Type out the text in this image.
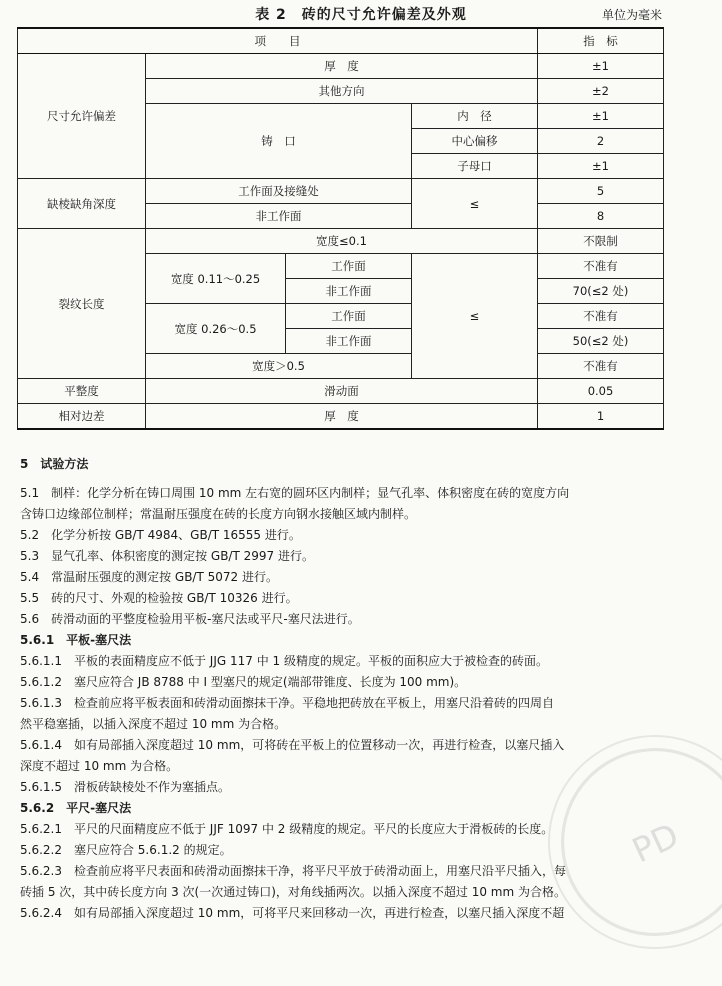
表 2　砖的尺寸允许偏差及外观	单位为毫米
项　　目				指　标
尺寸允许偏差	厚　度			±1
	其他方向			±2
	铸　口		内　径	±1
			中心偏移	2
			子母口	±1
缺棱缺角深度	工作面及接缝处		≤	5
	非工作面			8
裂纹长度	宽度≤0.1			不限制
	宽度 0.11～0.25	工作面	≤	不准有
		非工作面		70(≤2 处)
	宽度 0.26～0.5	工作面		不准有
		非工作面		50(≤2 处)
	宽度＞0.5			不准有
平整度	滑动面			0.05
相对边差	厚　度			1

5　试验方法

5.1　制样：化学分析在铸口周围 10 mm 左右宽的圆环区内制样；显气孔率、体积密度在砖的宽度方向

含铸口边缘部位制样；常温耐压强度在砖的长度方向钢水接触区域内制样。

5.2　化学分析按 GB/T 4984、GB/T 16555 进行。

5.3　显气孔率、体积密度的测定按 GB/T 2997 进行。

5.4　常温耐压强度的测定按 GB/T 5072 进行。

5.5　砖的尺寸、外观的检验按 GB/T 10326 进行。

5.6　砖滑动面的平整度检验用平板-塞尺法或平尺-塞尺法进行。

5.6.1　平板-塞尺法

5.6.1.1　平板的表面精度应不低于 JJG 117 中 1 级精度的规定。平板的面积应大于被检查的砖面。

5.6.1.2　塞尺应符合 JB 8788 中 Ⅰ 型塞尺的规定(端部带锥度、长度为 100 mm)。

5.6.1.3　检查前应将平板表面和砖滑动面擦抹干净。平稳地把砖放在平板上，用塞尺沿着砖的四周自

然平稳塞插，以插入深度不超过 10 mm 为合格。

5.6.1.4　如有局部插入深度超过 10 mm，可将砖在平板上的位置移动一次，再进行检查，以塞尺插入

深度不超过 10 mm 为合格。

5.6.1.5　滑板砖缺棱处不作为塞插点。

5.6.2　平尺-塞尺法

5.6.2.1　平尺的尺面精度应不低于 JJF 1097 中 2 级精度的规定。平尺的长度应大于滑板砖的长度。

5.6.2.2　塞尺应符合 5.6.1.2 的规定。

5.6.2.3　检查前应将平尺表面和砖滑动面擦抹干净，将平尺平放于砖滑动面上，用塞尺沿平尺插入，每

砖插 5 次，其中砖长度方向 3 次(一次通过铸口)，对角线插两次。以插入深度不超过 10 mm 为合格。

5.6.2.4　如有局部插入深度超过 10 mm，可将平尺来回移动一次，再进行检查，以塞尺插入深度不超

PD
